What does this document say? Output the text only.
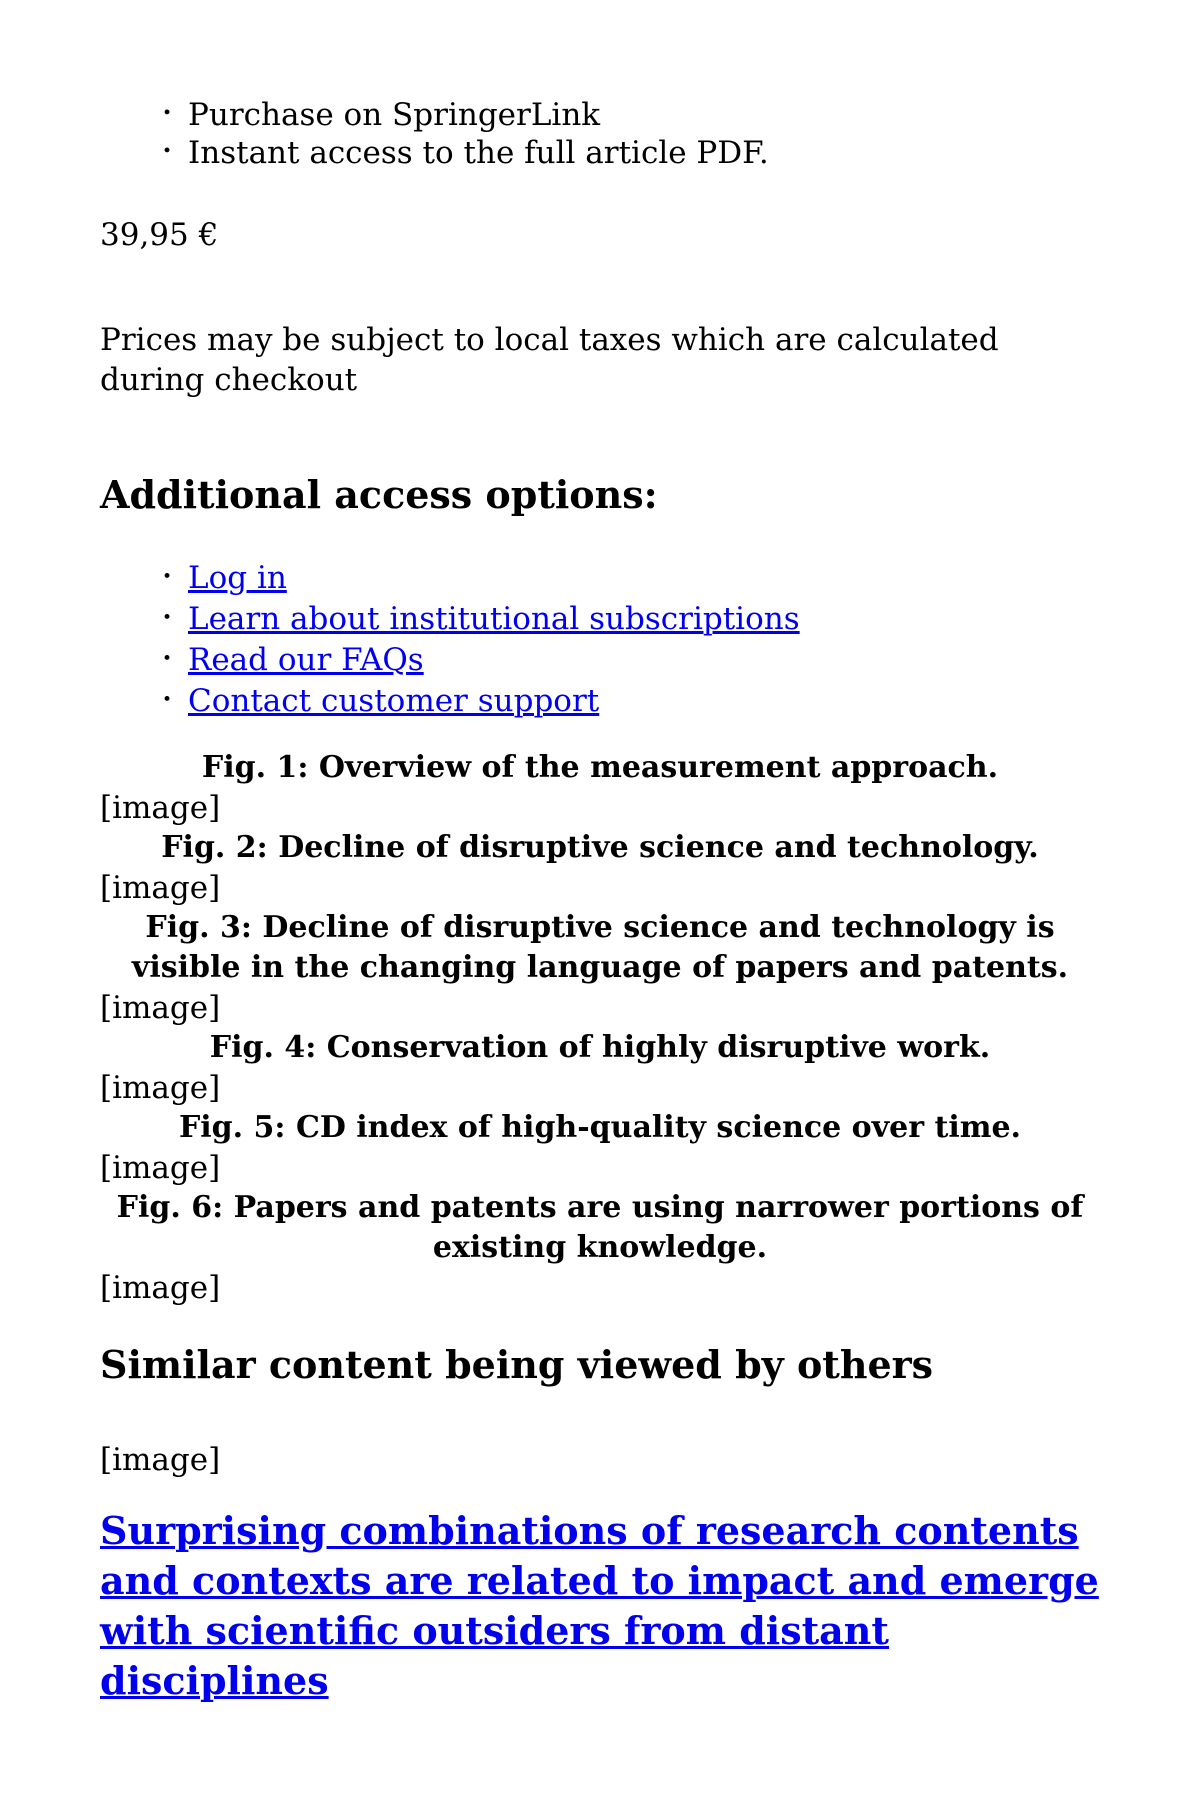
• Purchase on SpringerLink
• Instant access to the full article PDF.

39,95 €

Prices may be subject to local taxes which are calculated during checkout

Additional access options:
• Log in
• Learn about institutional subscriptions
• Read our FAQs
• Contact customer support
Fig. 1: Overview of the measurement approach.
[image]
Fig. 2: Decline of disruptive science and technology.
[image]
Fig. 3: Decline of disruptive science and technology is visible in the changing language of papers and patents.
[image]
Fig. 4: Conservation of highly disruptive work.
[image]
Fig. 5: CD index of high-quality science over time.
[image]
Fig. 6: Papers and patents are using narrower portions of existing knowledge.
[image]
Similar content being viewed by others

[image]

Surprising combinations of research contents and contexts are related to impact and emerge with scientific outsiders from distant disciplines
